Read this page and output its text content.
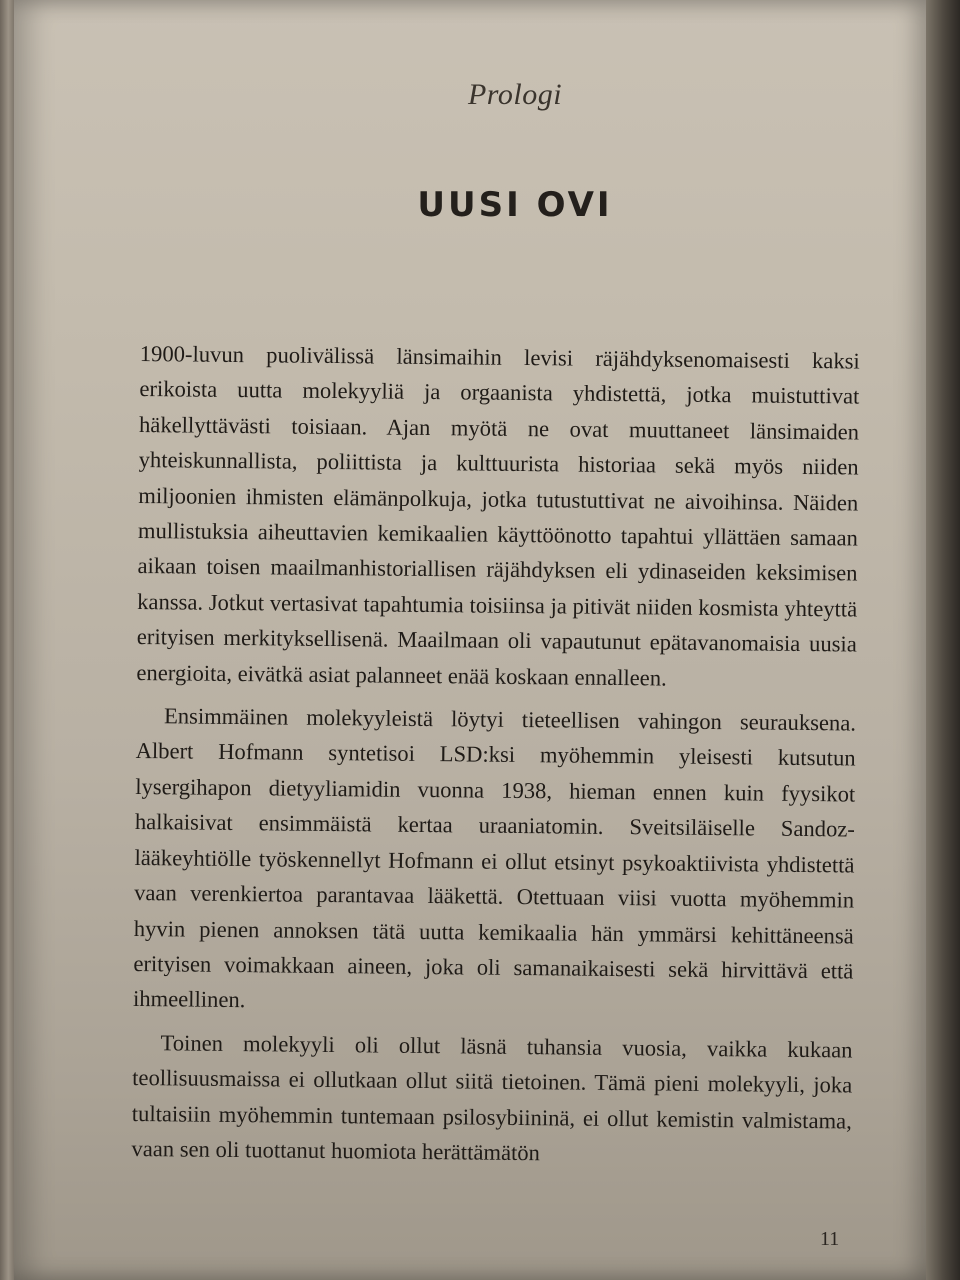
Prologi
UUSI OVI

1900-luvun puolivälissä länsimaihin levisi räjähdyksenomaisesti kaksi erikoista uutta molekyyliä ja orgaanista yhdistettä, jotka muistuttivat häkellyttävästi toisiaan. Ajan myötä ne ovat muuttaneet länsimaiden yhteiskunnallista, poliittista ja kulttuurista historiaa sekä myös niiden miljoonien ihmisten elämänpolkuja, jotka tutustuttivat ne aivoihinsa. Näiden mullistuksia aiheuttavien kemikaalien käyttöönotto tapahtui yllättäen samaan aikaan toisen maailmanhistoriallisen räjähdyksen eli ydinaseiden keksimisen kanssa. Jotkut vertasivat tapahtumia toisiinsa ja pitivät niiden kosmista yhteyttä erityisen merkityksellisenä. Maailmaan oli vapautunut epätavanomaisia uusia energioita, eivätkä asiat palanneet enää koskaan ennalleen.

Ensimmäinen molekyyleistä löytyi tieteellisen vahingon seurauksena. Albert Hofmann syntetisoi LSD:ksi myöhemmin yleisesti kutsutun lysergihapon dietyyliamidin vuonna 1938, hieman ennen kuin fyysikot halkaisivat ensimmäistä kertaa uraaniatomin. Sveitsiläiselle Sandoz-lääkeyhtiölle työskennellyt Hofmann ei ollut etsinyt psykoaktiivista yhdistettä vaan verenkiertoa parantavaa lääkettä. Otettuaan viisi vuotta myöhemmin hyvin pienen annoksen tätä uutta kemikaalia hän ymmärsi kehittäneensä erityisen voimakkaan aineen, joka oli samanaikaisesti sekä hirvittävä että ihmeellinen.

Toinen molekyyli oli ollut läsnä tuhansia vuosia, vaikka kukaan teollisuusmaissa ei ollutkaan ollut siitä tietoinen. Tämä pieni molekyyli, joka tultaisiin myöhemmin tuntemaan psilosybiininä, ei ollut kemistin valmistama, vaan sen oli tuottanut huomiota herättämätön

11
